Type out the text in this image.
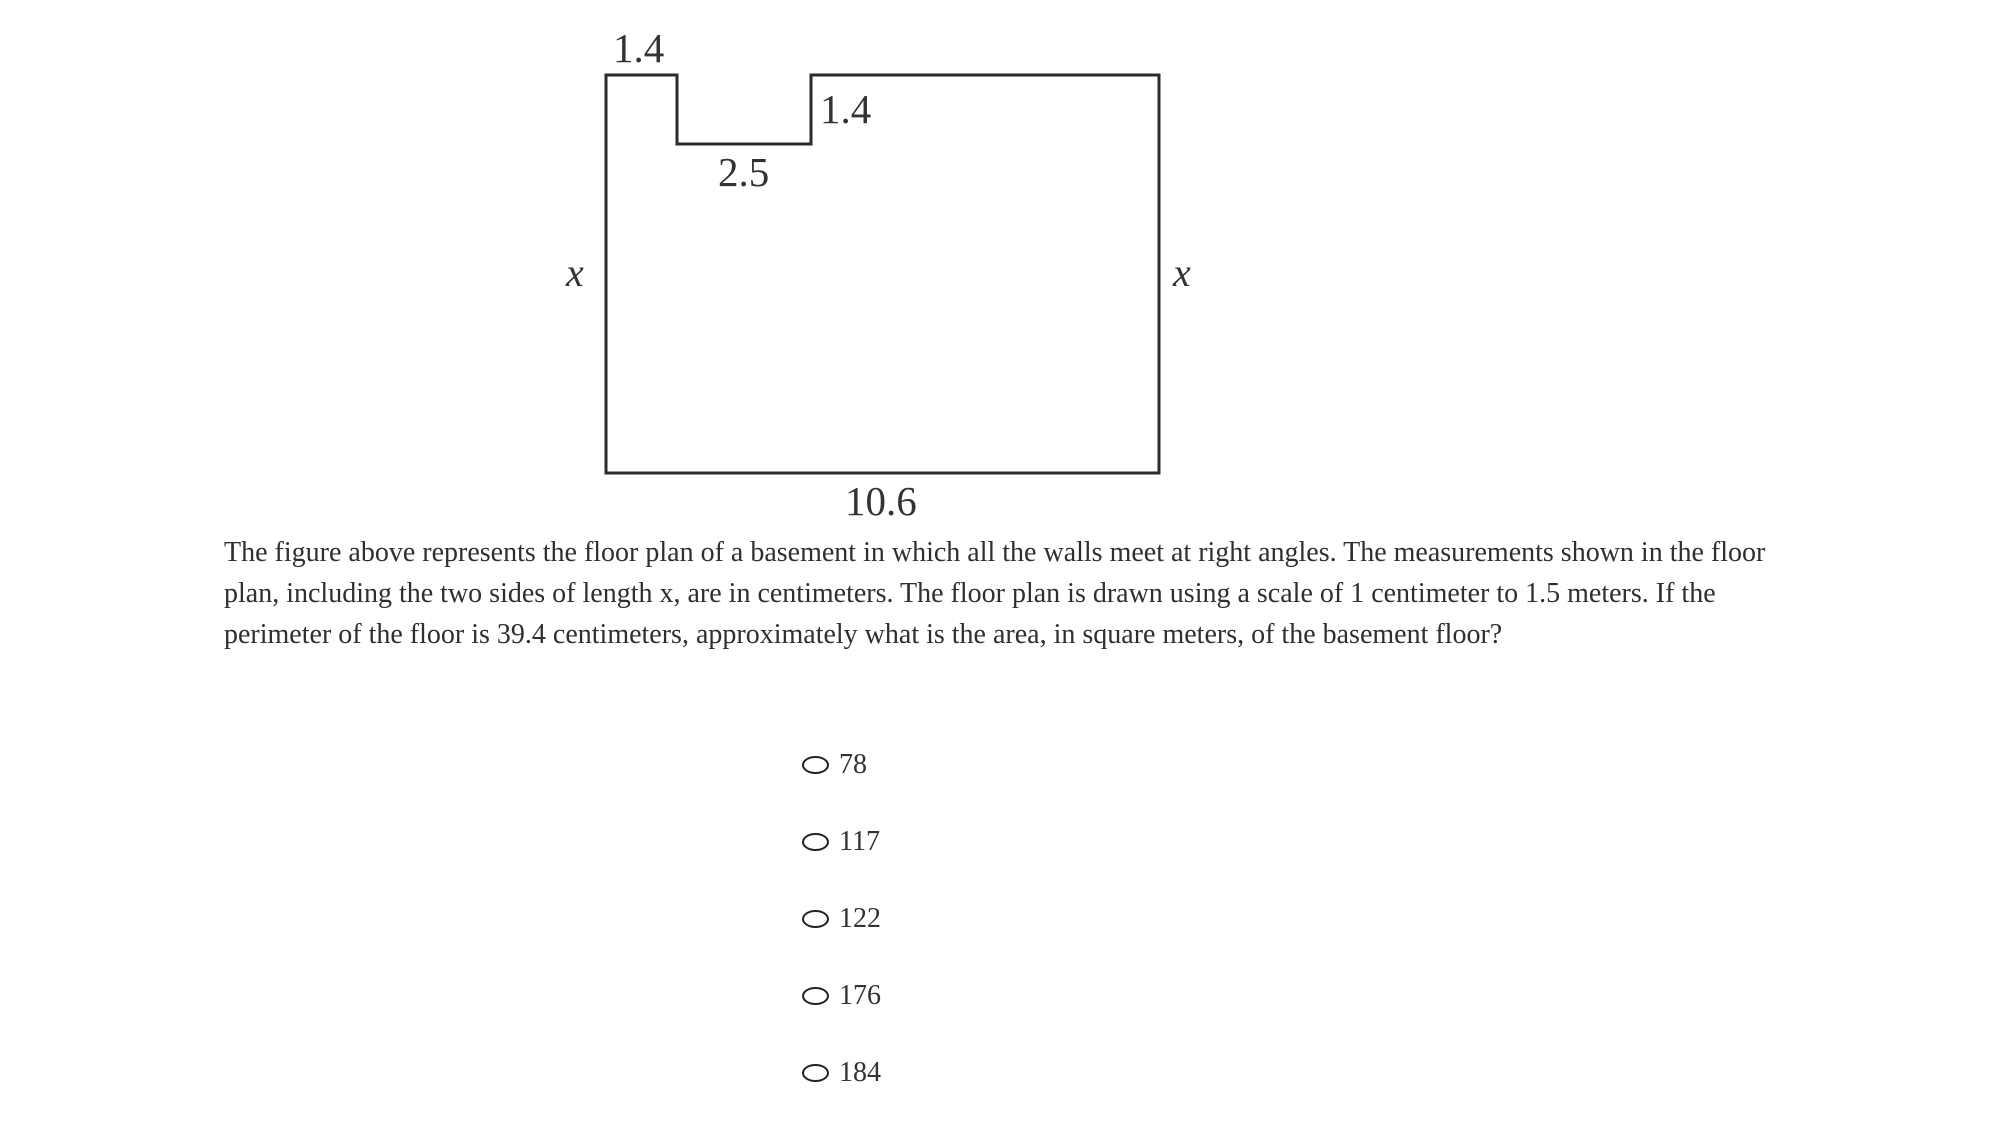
1.4
2.5
1.4
10.6
x	x

The figure above represents the floor plan of a basement in which all the walls meet at right angles. The measurements shown in the floor plan, including the two sides of length x, are in centimeters. The floor plan is drawn using a scale of 1 centimeter to 1.5 meters. If the perimeter of the floor is 39.4 centimeters, approximately what is the area, in square meters, of the basement floor?

78
117
122
176
184
